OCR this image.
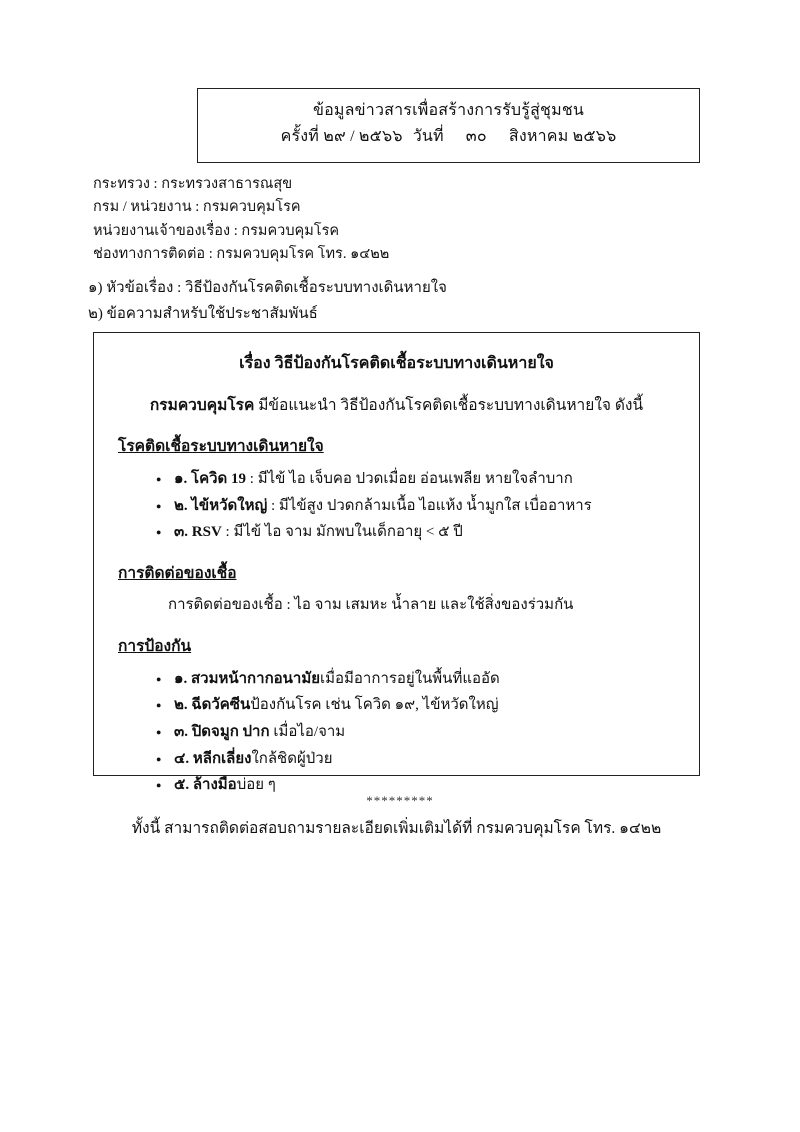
ข้อมูลข่าวสารเพื่อสร้างการรับรู้สู่ชุมชน
ครั้งที่ ๒๙ / ๒๕๖๖ วันที่ ๓๐ สิงหาคม ๒๕๖๖
กระทรวง : กระทรวงสาธารณสุข
กรม / หน่วยงาน : กรมควบคุมโรค
หน่วยงานเจ้าของเรื่อง : กรมควบคุมโรค
ช่องทางการติดต่อ : กรมควบคุมโรค โทร. ๑๔๒๒
๑) หัวข้อเรื่อง : วิธีป้องกันโรคติดเชื้อระบบทางเดินหายใจ
๒) ข้อความสำหรับใช้ประชาสัมพันธ์
เรื่อง วิธีป้องกันโรคติดเชื้อระบบทางเดินหายใจ
กรมควบคุมโรค มีข้อแนะนำ วิธีป้องกันโรคติดเชื้อระบบทางเดินหายใจ ดังนี้
โรคติดเชื้อระบบทางเดินหายใจ
● ๑. โควิด 19 : มีไข้ ไอ เจ็บคอ ปวดเมื่อย อ่อนเพลีย หายใจลำบาก
● ๒. ไข้หวัดใหญ่ : มีไข้สูง ปวดกล้ามเนื้อ ไอแห้ง น้ำมูกใส เบื่ออาหาร
● ๓. RSV : มีไข้ ไอ จาม มักพบในเด็กอายุ < ๕ ปี
การติดต่อของเชื้อ
การติดต่อของเชื้อ : ไอ จาม เสมหะ น้ำลาย และใช้สิ่งของร่วมกัน
การป้องกัน
● ๑. สวมหน้ากากอนามัยเมื่อมีอาการอยู่ในพื้นที่แออัด
● ๒. ฉีดวัคซีนป้องกันโรค เช่น โควิด ๑๙, ไข้หวัดใหญ่
● ๓. ปิดจมูก ปาก เมื่อไอ/จาม
● ๔. หลีกเลี่ยงใกล้ชิดผู้ป่วย
● ๕. ล้างมือบ่อย ๆ
ทั้งนี้ สามารถติดต่อสอบถามรายละเอียดเพิ่มเติมได้ที่ กรมควบคุมโรค โทร. ๑๔๒๒
*********
